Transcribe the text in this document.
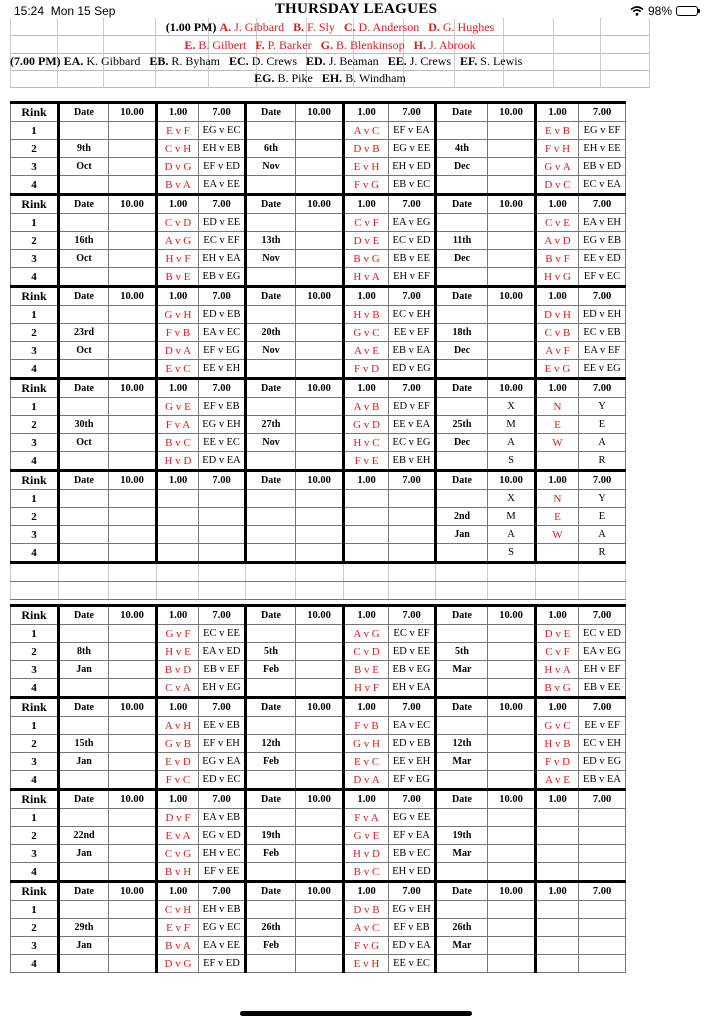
15:24 Mon 15 Sep	98%
THURSDAY LEAGUES
(1.00 PM) A. J. Gibbard B. F. Sly C. D. Anderson D. G. Hughes
E. B. Gilbert F. P. Barker G. B. Blenkinsop H. J. Abrook
(7.00 PM) EA. K. Gibbard EB. R. Byham EC. D. Crews ED. J. Beaman EE. J. Crews EF. S. Lewis
EG. B. Pike EH. B. Windham
Rink	Date	10.00	1.00	7.00	Date	10.00	1.00	7.00	Date	10.00	1.00	7.00
1			E v F	EG v EC			A v C	EF v EA			E v B	EG v EF
2	9th		C v H	EH v EB	6th		D v B	EG v EE	4th		F v H	EH v EE
3	Oct		D v G	EF v ED	Nov		E v H	EH v ED	Dec		G v A	EB v ED
4			B v A	EA v EE			F v G	EB v EC			D v C	EC v EA
Rink	Date	10.00	1.00	7.00	Date	10.00	1.00	7.00	Date	10.00	1.00	7.00
1			C v D	ED v EE			C v F	EA v EG			C v E	EA v EH
2	16th		A v G	EC v EF	13th		D v E	EC v ED	11th		A v D	EG v EB
3	Oct		H v F	EH v EA	Nov		B v G	EB v EE	Dec		B v F	EE v ED
4			B v E	EB v EG			H v A	EH v EF			H v G	EF v EC
Rink	Date	10.00	1.00	7.00	Date	10.00	1.00	7.00	Date	10.00	1.00	7.00
1			G v H	ED v EB			H v B	EC v EH			D v H	ED v EH
2	23rd		F v B	EA v EC	20th		G v C	EE v EF	18th		C v B	EC v EB
3	Oct		D v A	EF v EG	Nov		A v E	EB v EA	Dec		A v F	EA v EF
4			E v C	EE v EH			F v D	ED v EG			E v G	EE v EG
Rink	Date	10.00	1.00	7.00	Date	10.00	1.00	7.00	Date	10.00	1.00	7.00
1			G v E	EF v EB			A v B	ED v EF		X	N	Y
2	30th		F v A	EG v EH	27th		G v D	EE v EA	25th	M	E	E
3	Oct		B v C	EE v EC	Nov		H v C	EC v EG	Dec	A	W	A
4			H v D	ED v EA			F v E	EB v EH		S		R
Rink	Date	10.00	1.00	7.00	Date	10.00	1.00	7.00	Date	10.00	1.00	7.00
1										X	N	Y
2									2nd	M	E	E
3									Jan	A	W	A
4										S		R

Rink	Date	10.00	1.00	7.00	Date	10.00	1.00	7.00	Date	10.00	1.00	7.00
1			G v F	EC v EE			A v G	EC v EF			D v E	EC v ED
2	8th		H v E	EA v ED	5th		C v D	ED v EE	5th		C v F	EA v EG
3	Jan		B v D	EB v EF	Feb		B v E	EB v EG	Mar		H v A	EH v EF
4			C v A	EH v EG			H v F	EH v EA			B v G	EB v EE
Rink	Date	10.00	1.00	7.00	Date	10.00	1.00	7.00	Date	10.00	1.00	7.00
1			A v H	EE v EB			F v B	EA v EC			G v C	EE v EF
2	15th		G v B	EF v EH	12th		G v H	ED v EB	12th		H v B	EC v EH
3	Jan		E v D	EG v EA	Feb		E v C	EE v EH	Mar		F v D	ED v EG
4			F v C	ED v EC			D v A	EF v EG			A v E	EB v EA
Rink	Date	10.00	1.00	7.00	Date	10.00	1.00	7.00	Date	10.00	1.00	7.00
1			D v F	EA v EB			F v A	EG v EE				
2	22nd		E v A	EG v ED	19th		G v E	EF v EA	19th			
3	Jan		C v G	EH v EC	Feb		H v D	EB v EC	Mar			
4			B v H	EF v EE			B v C	EH v ED				
Rink	Date	10.00	1.00	7.00	Date	10.00	1.00	7.00	Date	10.00	1.00	7.00
1			C v H	EH v EB			D v B	EG v EH				
2	29th		E v F	EG v EC	26th		A v C	EF v EB	26th			
3	Jan		B v A	EA v EE	Feb		F v G	ED v EA	Mar			
4			D v G	EF v ED			E v H	EE v EC				
